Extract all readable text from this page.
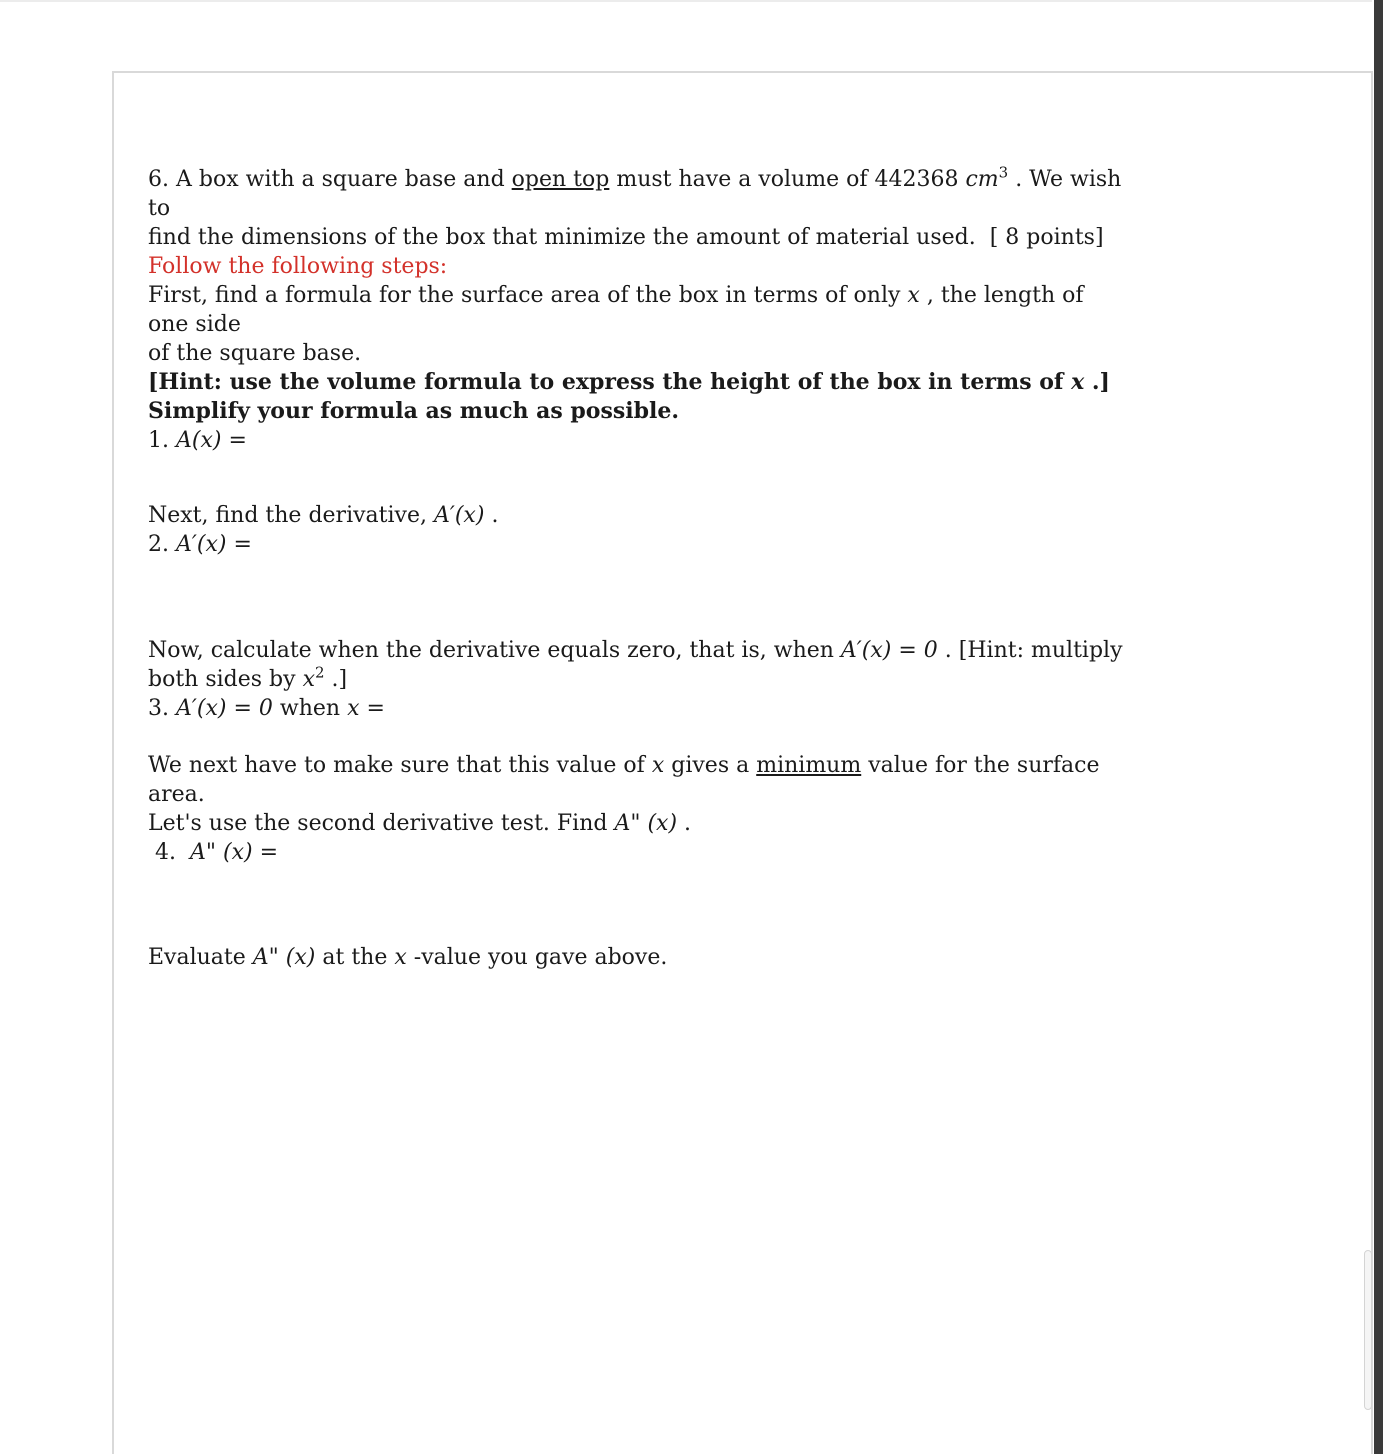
6. A box with a square base and open top must have a volume of 442368 $cm^3$ . We wish to

find the dimensions of the box that minimize the amount of material used. [ 8 points]

Follow the following steps:

First, find a formula for the surface area of the box in terms of only x , the length of one side

of the square base.

[Hint: use the volume formula to express the height of the box in terms of x .]

Simplify your formula as much as possible.

1. A(x) =

Next, find the derivative, A′(x) .

2. A′(x) =

Now, calculate when the derivative equals zero, that is, when A′(x) = 0 . [Hint: multiply

both sides by $x^2$ .]

3. A′(x) = 0 when x =

We next have to make sure that this value of x gives a minimum value for the surface area.

Let's use the second derivative test. Find A" (x) .

4. A" (x) =

Evaluate A" (x) at the x -value you gave above.
